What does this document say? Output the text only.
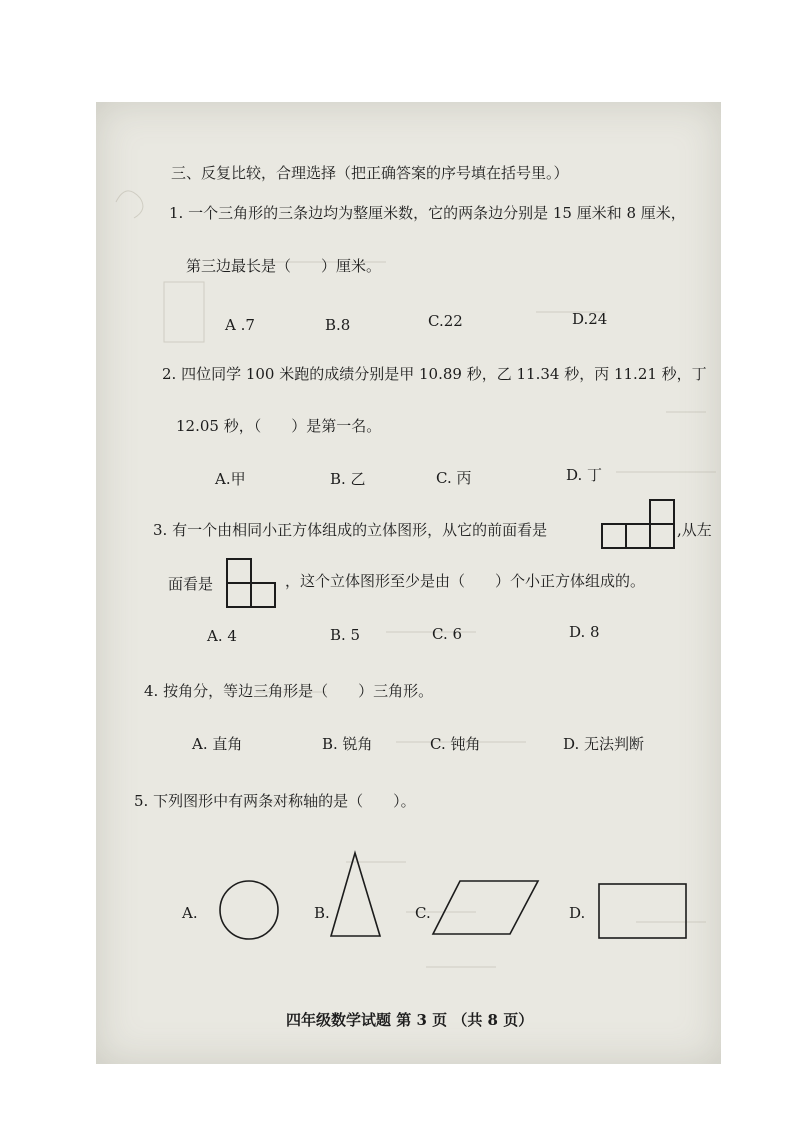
三、反复比较，合理选择（把正确答案的序号填在括号里。）
1. 一个三角形的三条边均为整厘米数，它的两条边分别是 15 厘米和 8 厘米，
第三边最长是（　　）厘米。
A .7	B.8	C.22	D.24
2. 四位同学 100 米跑的成绩分别是甲 10.89 秒，乙 11.34 秒，丙 11.21 秒，丁
12.05 秒，（　　）是第一名。
A.甲	B. 乙	C. 丙	D. 丁
3. 有一个由相同小正方体组成的立体图形，从它的前面看是	,从左
面看是	，这个立体图形至少是由（　　）个小正方体组成的。
A. 4	B. 5	C. 6	D. 8
4. 按角分，等边三角形是（　　）三角形。
A. 直角	B. 锐角	C. 钝角	D. 无法判断
5. 下列图形中有两条对称轴的是（　　）。
A.	B.	C.	D.
四年级数学试题 第 3 页 （共 8 页）
